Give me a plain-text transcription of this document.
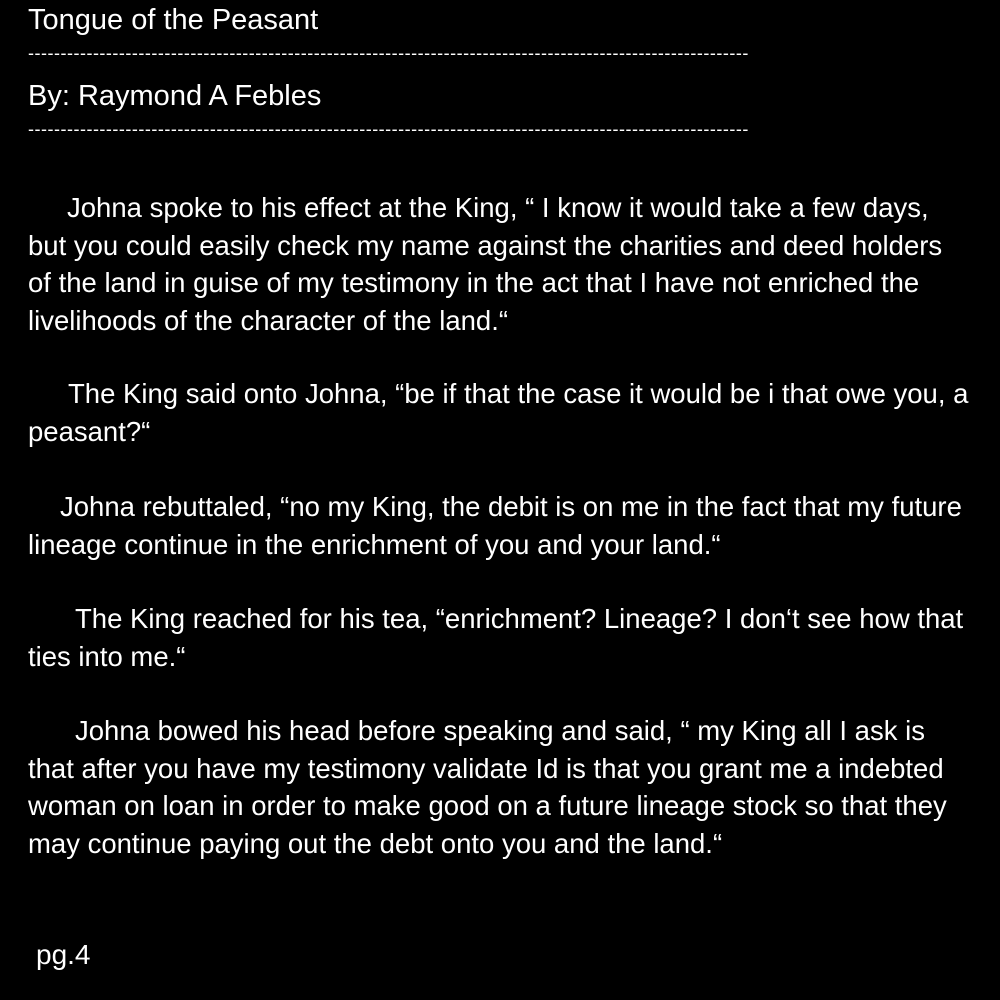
Tongue of the Peasant
---------------------------------------------------------------------------------------------------------------
By: Raymond A Febles
---------------------------------------------------------------------------------------------------------------

Johna spoke to his effect at the King, “ I know it would take a few days, but you could easily check my name against the charities and deed holders of the land in guise of my testimony in the act that I have not enriched the livelihoods of the character of the land.“

The King said onto Johna, “be if that the case it would be i that owe you, a peasant?“

Johna rebuttaled, “no my King, the debit is on me in the fact that my future lineage continue in the enrichment of you and your land.“

The King reached for his tea, “enrichment? Lineage? I don‘t see how that ties into me.“

Johna bowed his head before speaking and said, “ my King all I ask is that after you have my testimony validate Id is that you grant me a indebted woman on loan in order to make good on a future lineage stock so that they may continue paying out the debt onto you and the land.“

pg.4
